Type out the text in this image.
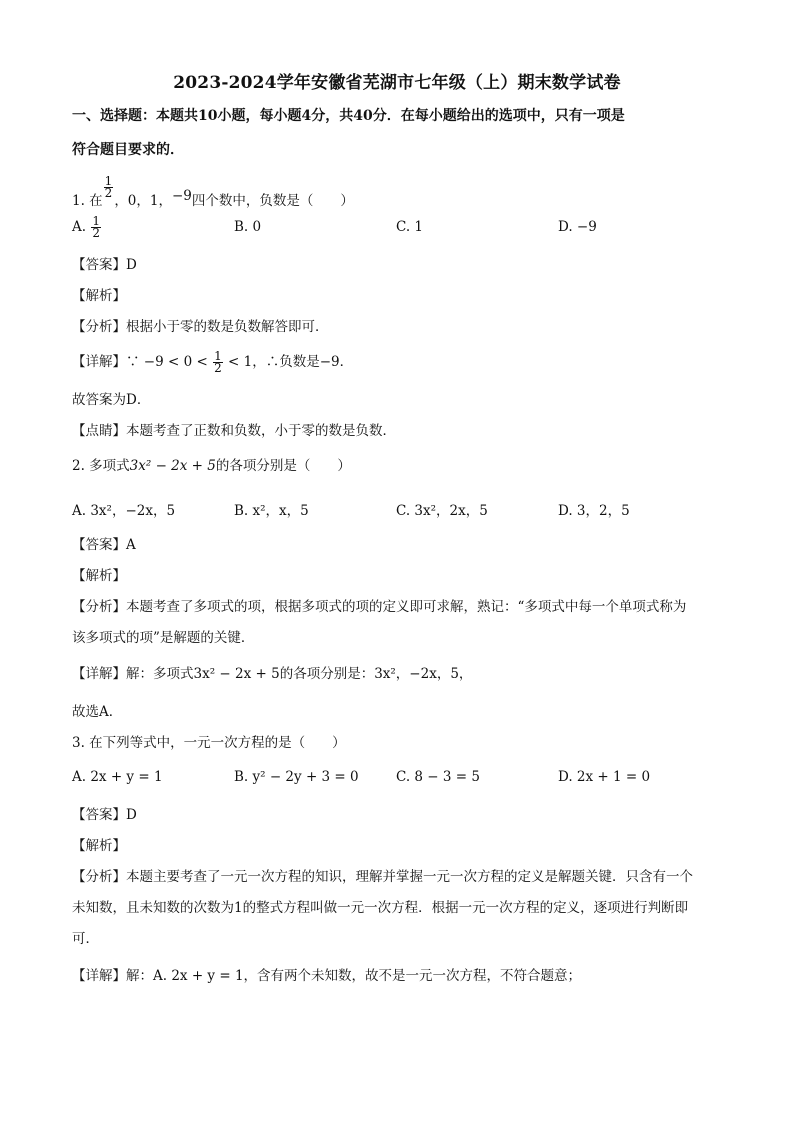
2023-2024学年安徽省芜湖市七年级（上）期末数学试卷
一、选择题：本题共10小题，每小题4分，共40分．在每小题给出的选项中，只有一项是
符合题目要求的．
1. 在
$\frac{1}{2}$
，0，1，−9四个数中，负数是（　　）
A. $\frac{1}{2}$	B. 0	C. 1	D. −9
【答案】D
【解析】
【分析】根据小于零的数是负数解答即可．
【详解】∵ $-9 < 0 < \frac{1}{2} < 1$，∴负数是−9．
故答案为D．
【点睛】本题考查了正数和负数，小于零的数是负数．
2. 多项式3x² − 2x + 5的各项分别是（　　）
A. 3x²，−2x，5	B. x²，x，5	C. 3x²，2x，5	D. 3，2，5
【答案】A
【解析】
【分析】本题考查了多项式的项，根据多项式的项的定义即可求解，熟记：“多项式中每一个单项式称为
该多项式的项”是解题的关键．
【详解】解：多项式3x² − 2x + 5的各项分别是：3x²，−2x，5，
故选A．
3. 在下列等式中，一元一次方程的是（　　）
A. 2x + y = 1	B. y² − 2y + 3 = 0	C. 8 − 3 = 5	D. 2x + 1 = 0
【答案】D
【解析】
【分析】本题主要考查了一元一次方程的知识，理解并掌握一元一次方程的定义是解题关键．只含有一个
未知数，且未知数的次数为1的整式方程叫做一元一次方程．根据一元一次方程的定义，逐项进行判断即
可．
【详解】解：A. 2x + y = 1，含有两个未知数，故不是一元一次方程，不符合题意；
